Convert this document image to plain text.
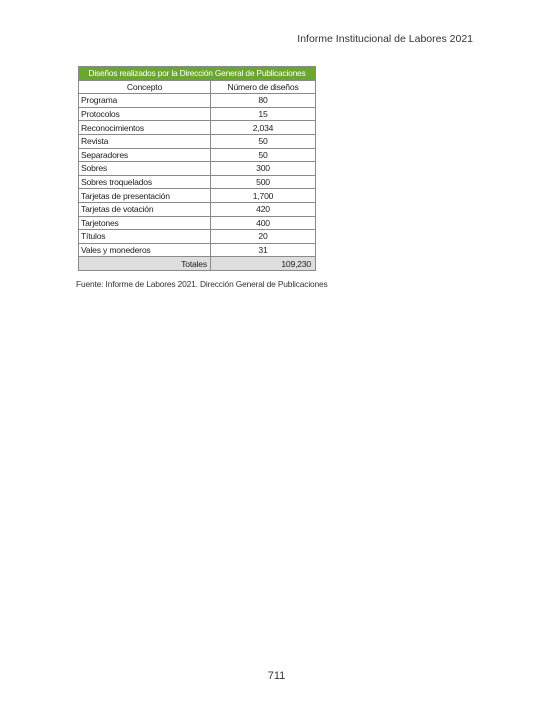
Informe Institucional de Labores 2021
Diseños realizados por la Dirección General de Publicaciones	
Concepto	Número de diseños
Programa	80
Protocolos	15
Reconocimientos	2,034
Revista	50
Separadores	50
Sobres	300
Sobres troquelados	500
Tarjetas de presentación	1,700
Tarjetas de votación	420
Tarjetones	400
Títulos	20
Vales y monederos	31
Totales	109,230
Fuente: Informe de Labores 2021. Dirección General de Publicaciones
711
